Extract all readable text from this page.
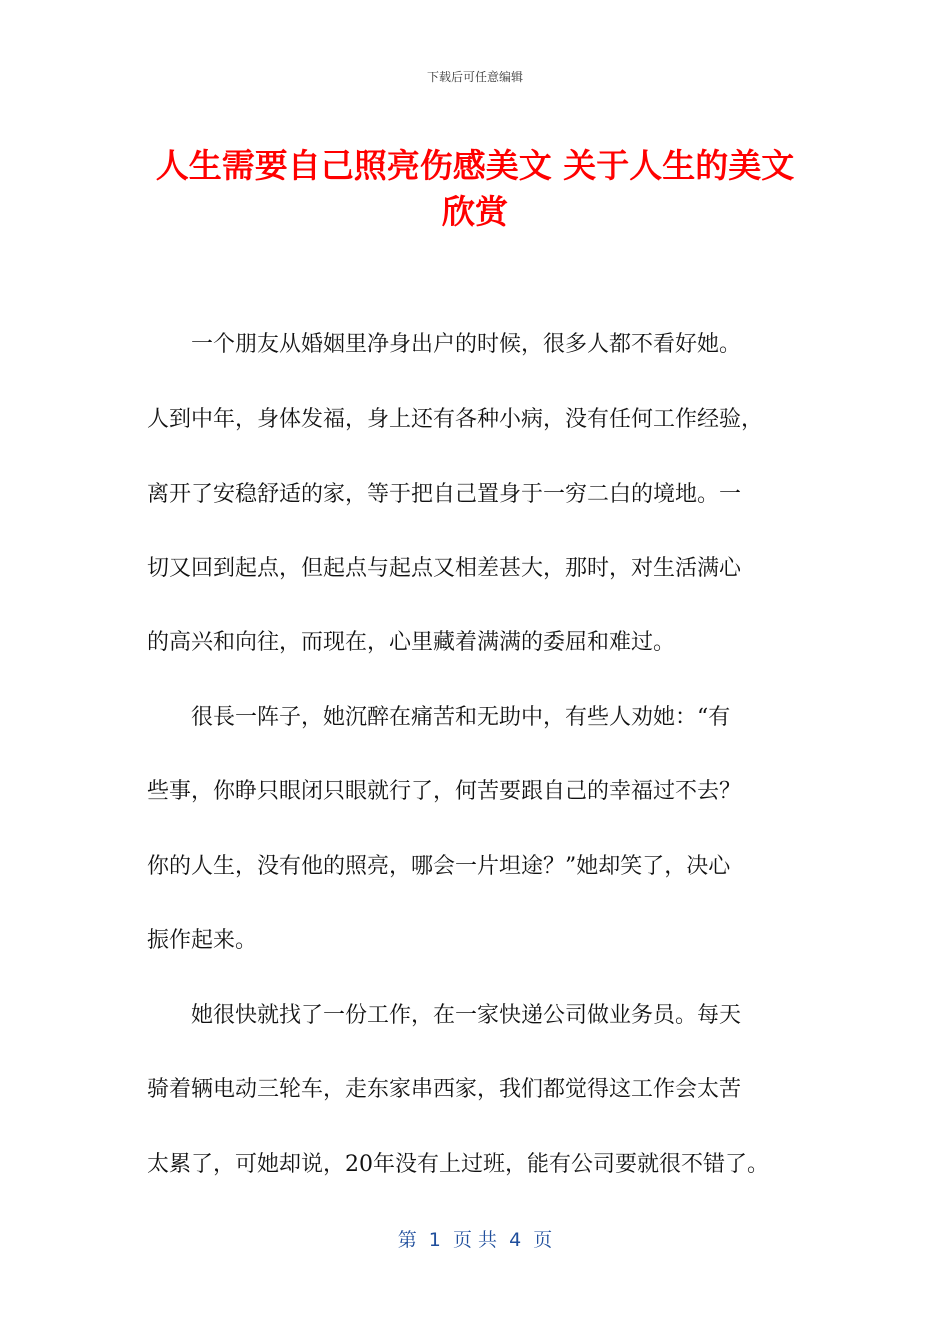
下载后可任意编辑
人生需要自己照亮伤感美文 关于人生的美文
欣赏
　　一个朋友从婚姻里净身出户的时候，很多人都不看好她。
人到中年，身体发福，身上还有各种小病，没有任何工作经验，
离开了安稳舒适的家，等于把自己置身于一穷二白的境地。一
切又回到起点，但起点与起点又相差甚大，那时，对生活满心
的高兴和向往，而现在，心里藏着满满的委屈和难过。
　　很長一阵子，她沉醉在痛苦和无助中，有些人劝她：“有
些事，你睁只眼闭只眼就行了，何苦要跟自己的幸福过不去？
你的人生，没有他的照亮，哪会一片坦途？”她却笑了，决心
振作起来。
　　她很快就找了一份工作，在一家快递公司做业务员。每天
骑着辆电动三轮车，走东家串西家，我们都觉得这工作会太苦
太累了，可她却说，20年没有上过班，能有公司要就很不错了。
第  1  页 共  4  页
